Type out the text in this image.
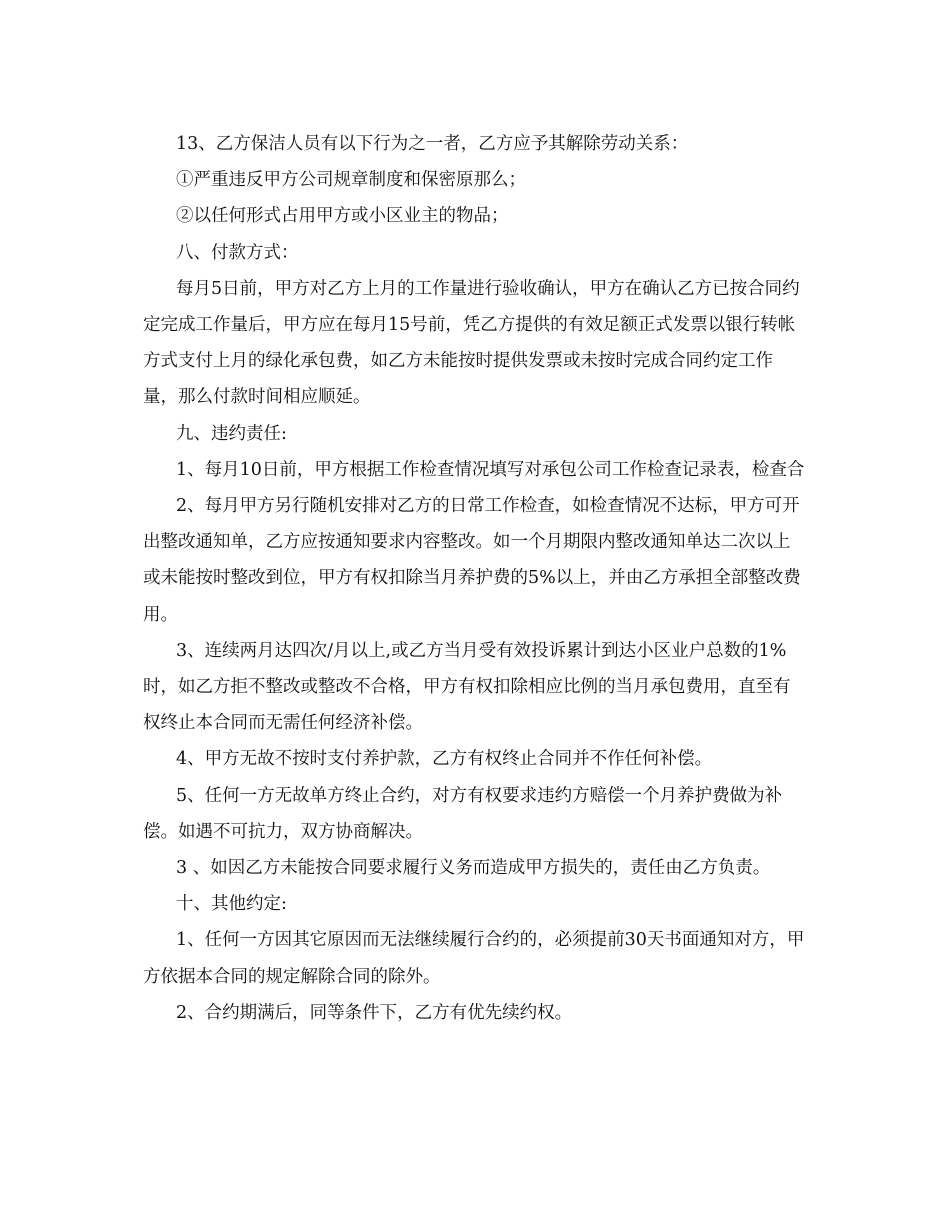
13、乙方保洁人员有以下行为之一者，乙方应予其解除劳动关系：

①严重违反甲方公司规章制度和保密原那么；

②以任何形式占用甲方或小区业主的物品；

八、付款方式：

每月5日前，甲方对乙方上月的工作量进行验收确认，甲方在确认乙方已按合同约定完成工作量后，甲方应在每月15号前，凭乙方提供的有效足额正式发票以银行转帐方式支付上月的绿化承包费，如乙方未能按时提供发票或未按时完成合同约定工作量，那么付款时间相应顺延。

九、违约责任:

1、每月10日前，甲方根据工作检查情况填写对承包公司工作检查记录表，检查合

2、每月甲方另行随机安排对乙方的日常工作检查，如检查情况不达标，甲方可开出整改通知单，乙方应按通知要求内容整改。如一个月期限内整改通知单达二次以上或未能按时整改到位，甲方有权扣除当月养护费的5%以上，并由乙方承担全部整改费用。

3、连续两月达四次/月以上,或乙方当月受有效投诉累计到达小区业户总数的1%时，如乙方拒不整改或整改不合格，甲方有权扣除相应比例的当月承包费用，直至有权终止本合同而无需任何经济补偿。

4、甲方无故不按时支付养护款，乙方有权终止合同并不作任何补偿。

5、任何一方无故单方终止合约，对方有权要求违约方赔偿一个月养护费做为补偿。如遇不可抗力，双方协商解决。

3 、如因乙方未能按合同要求履行义务而造成甲方损失的，责任由乙方负责。

十、其他约定:

1、任何一方因其它原因而无法继续履行合约的，必须提前30天书面通知对方，甲方依据本合同的规定解除合同的除外。

2、合约期满后，同等条件下，乙方有优先续约权。
